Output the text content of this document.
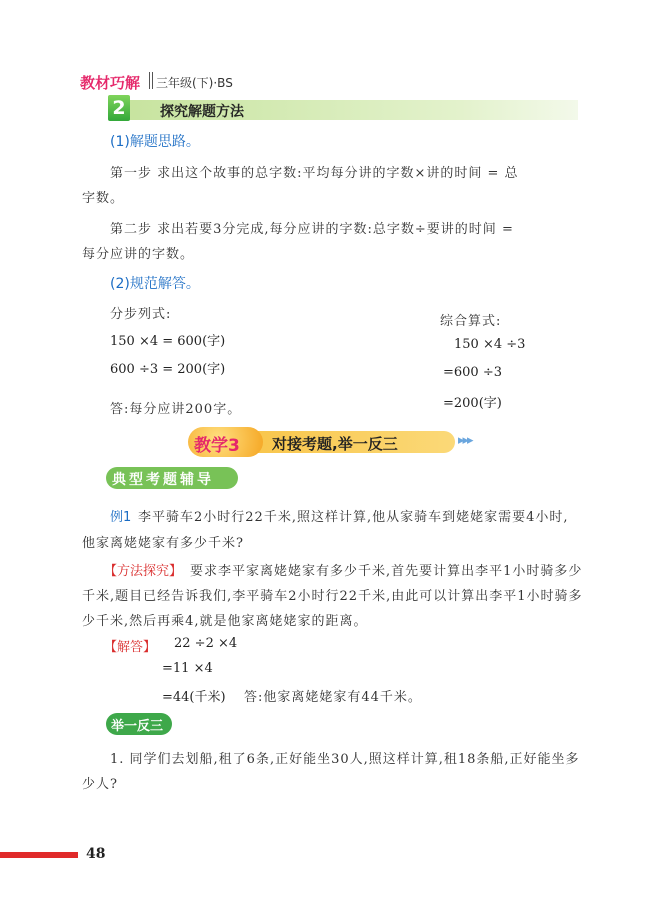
教材巧解 三年级(下)·BS
2	探究解题方法
(1)解题思路。
第一步 求出这个故事的总字数:平均每分讲的字数×讲的时间 = 总
字数。
第二步 求出若要3分完成,每分应讲的字数:总字数÷要讲的时间 =
每分应讲的字数。
(2)规范解答。
分步列式:
150 ×4 = 600(字)
600 ÷3 = 200(字)
综合算式:
150 ×4 ÷3
=600 ÷3
=200(字)
答:每分应讲200字。
教学3 对接考题,举一反三	▸▸▸
典型考题辅导
例1 李平骑车2小时行22千米,照这样计算,他从家骑车到姥姥家需要4小时,
他家离姥姥家有多少千米?
【方法探究】 要求李平家离姥姥家有多少千米,首先要计算出李平1小时骑多少
千米,题目已经告诉我们,李平骑车2小时行22千米,由此可以计算出李平1小时骑多
少千米,然后再乘4,就是他家离姥姥家的距离。
【解答】 22 ÷2 ×4
=11 ×4
=44(千米) 答:他家离姥姥家有44千米。
举一反三
1. 同学们去划船,租了6条,正好能坐30人,照这样计算,租18条船,正好能坐多
少人?
48
